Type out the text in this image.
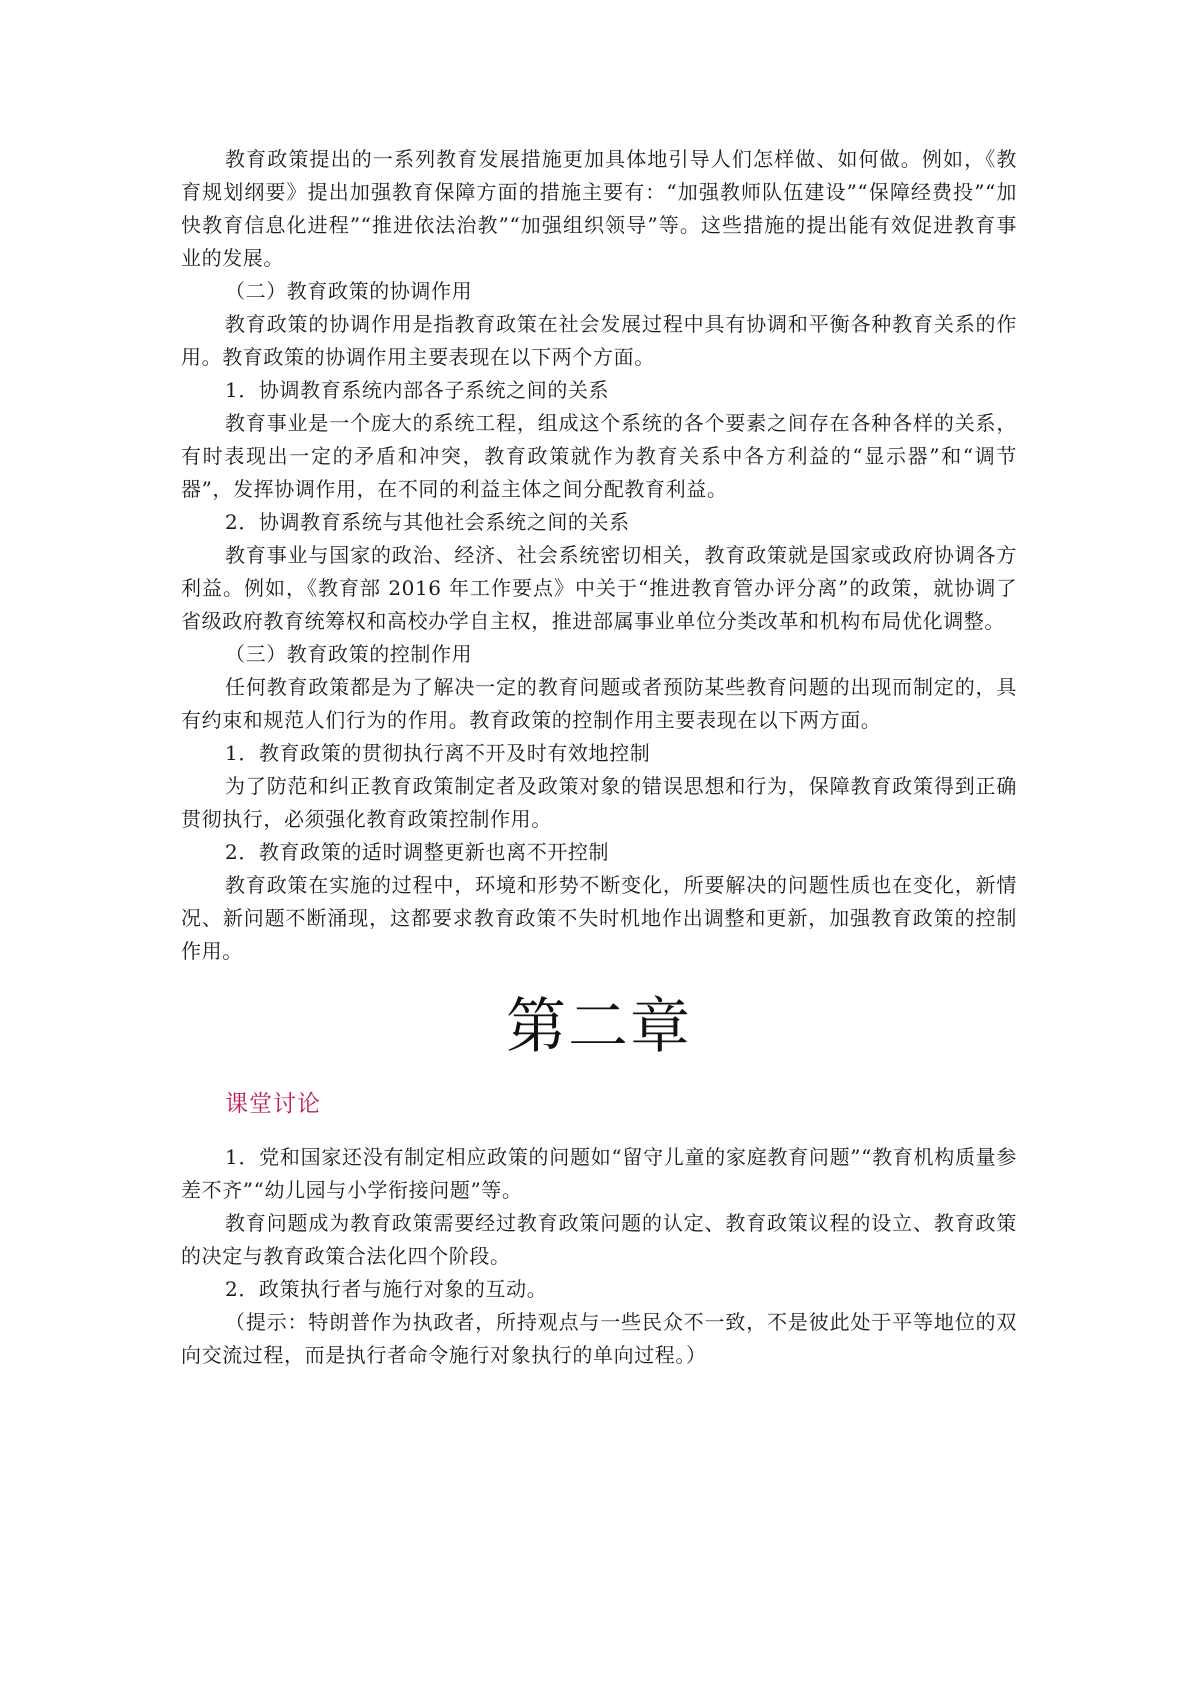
教育政策提出的一系列教育发展措施更加具体地引导人们怎样做、如何做。例如，《教育规划纲要》提出加强教育保障方面的措施主要有：“加强教师队伍建设”“保障经费投”“加快教育信息化进程”“推进依法治教”“加强组织领导”等。这些措施的提出能有效促进教育事业的发展。

（二）教育政策的协调作用

教育政策的协调作用是指教育政策在社会发展过程中具有协调和平衡各种教育关系的作用。教育政策的协调作用主要表现在以下两个方面。

1．协调教育系统内部各子系统之间的关系

教育事业是一个庞大的系统工程，组成这个系统的各个要素之间存在各种各样的关系，有时表现出一定的矛盾和冲突，教育政策就作为教育关系中各方利益的“显示器”和“调节器”，发挥协调作用，在不同的利益主体之间分配教育利益。

2．协调教育系统与其他社会系统之间的关系

教育事业与国家的政治、经济、社会系统密切相关，教育政策就是国家或政府协调各方利益。例如，《教育部 2016 年工作要点》中关于“推进教育管办评分离”的政策，就协调了省级政府教育统筹权和高校办学自主权，推进部属事业单位分类改革和机构布局优化调整。

（三）教育政策的控制作用

任何教育政策都是为了解决一定的教育问题或者预防某些教育问题的出现而制定的，具有约束和规范人们行为的作用。教育政策的控制作用主要表现在以下两方面。

1．教育政策的贯彻执行离不开及时有效地控制

为了防范和纠正教育政策制定者及政策对象的错误思想和行为，保障教育政策得到正确贯彻执行，必须强化教育政策控制作用。

2．教育政策的适时调整更新也离不开控制

教育政策在实施的过程中，环境和形势不断变化，所要解决的问题性质也在变化，新情况、新问题不断涌现，这都要求教育政策不失时机地作出调整和更新，加强教育政策的控制作用。

第二章
课堂讨论

1．党和国家还没有制定相应政策的问题如“留守儿童的家庭教育问题”“教育机构质量参差不齐”“幼儿园与小学衔接问题”等。

教育问题成为教育政策需要经过教育政策问题的认定、教育政策议程的设立、教育政策的决定与教育政策合法化四个阶段。

2．政策执行者与施行对象的互动。

（提示：特朗普作为执政者，所持观点与一些民众不一致，不是彼此处于平等地位的双向交流过程，而是执行者命令施行对象执行的单向过程。）
